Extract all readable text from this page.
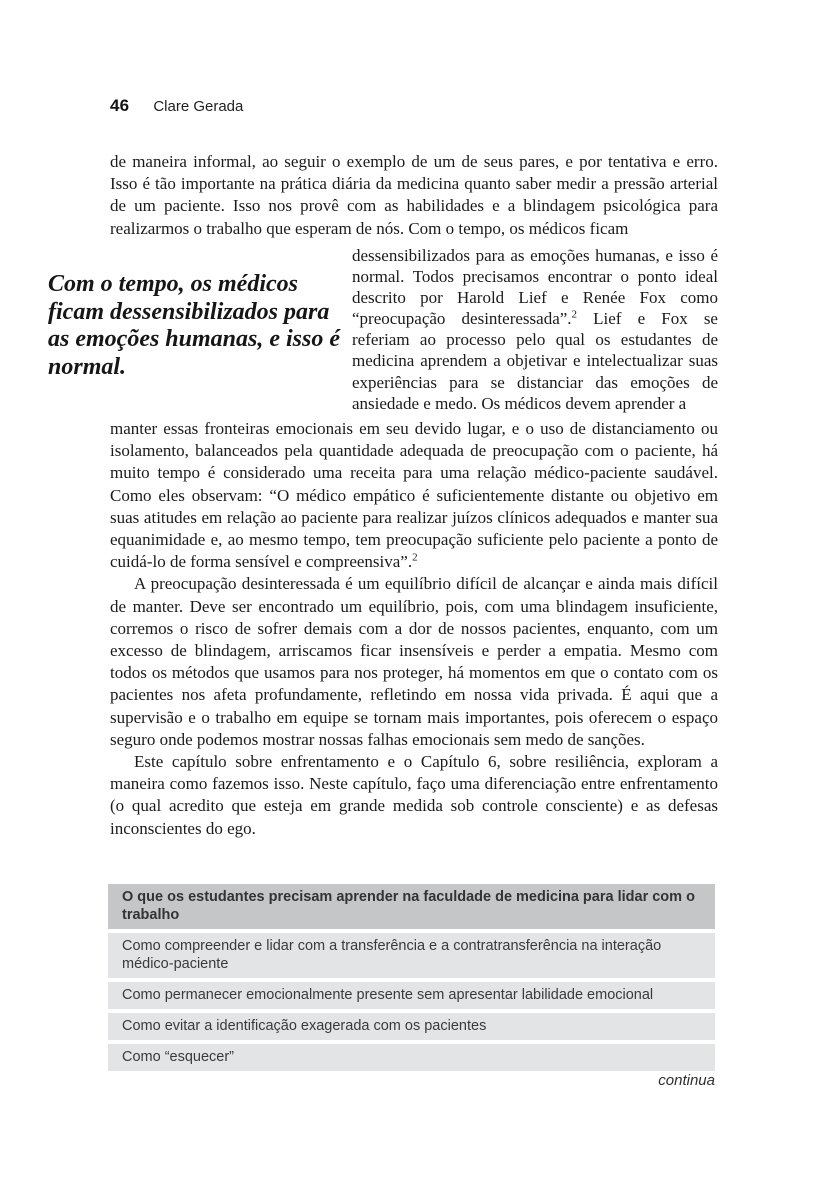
46 Clare Gerada
de maneira informal, ao seguir o exemplo de um de seus pares, e por tentativa e erro. Isso é tão importante na prática diária da medicina quanto saber medir a pressão arterial de um paciente. Isso nos provê com as habilidades e a blindagem psicológica para realizarmos o trabalho que esperam de nós. Com o tempo, os médicos ficam
Com o tempo, os médicos ficam dessensibilizados para as emoções humanas, e isso é normal.
dessensibilizados para as emoções humanas, e isso é normal. Todos precisamos encontrar o ponto ideal descrito por Harold Lief e Renée Fox como “preocupação desinteressada”.$^2$ Lief e Fox se referiam ao processo pelo qual os estudantes de medicina aprendem a objetivar e intelectualizar suas experiências para se distanciar das emoções de ansiedade e medo. Os médicos devem aprender a

manter essas fronteiras emocionais em seu devido lugar, e o uso de distanciamento ou isolamento, balanceados pela quantidade adequada de preocupação com o paciente, há muito tempo é considerado uma receita para uma relação médico-paciente saudável. Como eles observam: “O médico empático é suficientemente distante ou objetivo em suas atitudes em relação ao paciente para realizar juízos clínicos adequados e manter sua equanimidade e, ao mesmo tempo, tem preocupação suficiente pelo paciente a ponto de cuidá-lo de forma sensível e compreensiva”.$^2$

A preocupação desinteressada é um equilíbrio difícil de alcançar e ainda mais difícil de manter. Deve ser encontrado um equilíbrio, pois, com uma blindagem insuficiente, corremos o risco de sofrer demais com a dor de nossos pacientes, enquanto, com um excesso de blindagem, arriscamos ficar insensíveis e perder a empatia. Mesmo com todos os métodos que usamos para nos proteger, há momentos em que o contato com os pacientes nos afeta profundamente, refletindo em nossa vida privada. É aqui que a supervisão e o trabalho em equipe se tornam mais importantes, pois oferecem o espaço seguro onde podemos mostrar nossas falhas emocionais sem medo de sanções.

Este capítulo sobre enfrentamento e o Capítulo 6, sobre resiliência, exploram a maneira como fazemos isso. Neste capítulo, faço uma diferenciação entre enfrentamento (o qual acredito que esteja em grande medida sob controle consciente) e as defesas inconscientes do ego.

O que os estudantes precisam aprender na faculdade de medicina para lidar com o trabalho
Como compreender e lidar com a transferência e a contratransferência na interação médico-paciente
Como permanecer emocionalmente presente sem apresentar labilidade emocional
Como evitar a identificação exagerada com os pacientes
Como “esquecer”
continua
